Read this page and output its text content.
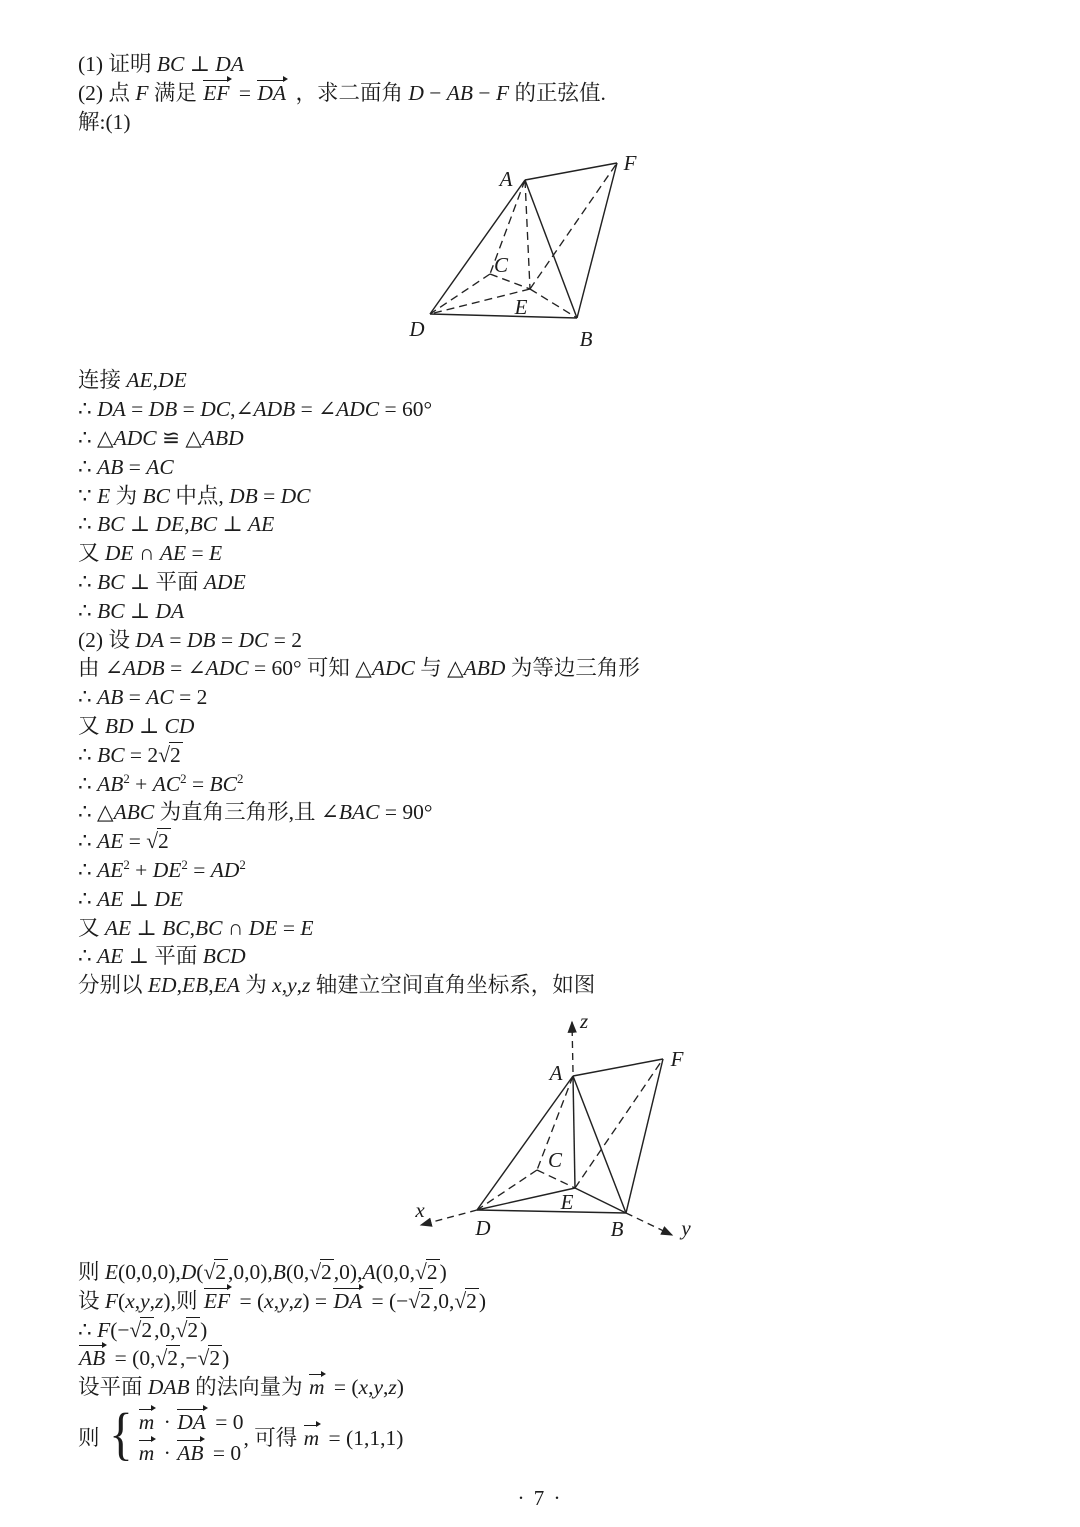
(1) 证明 BC ⊥ DA
(2) 点 F 满足 EF = DA ，求二面角 D − AB − F 的正弦值.
解:(1)
A
F
C
E
D	B
连接 AE,DE
∴ DA = DB = DC,∠ADB = ∠ADC = 60°
∴ △ADC ≌ △ABD
∴ AB = AC
∵ E 为 BC 中点, DB = DC
∴ BC ⊥ DE,BC ⊥ AE
又 DE ∩ AE = E
∴ BC ⊥ 平面 ADE
∴ BC ⊥ DA
(2) 设 DA = DB = DC = 2
由 ∠ADB = ∠ADC = 60° 可知 △ADC 与 △ABD 为等边三角形
∴ AB = AC = 2
又 BD ⊥ CD
∴ BC = 2√2
∴ $AB^2 + AC^2 = BC^2$
∴ △ABC 为直角三角形,且 ∠BAC = 90°
∴ AE = √2
∴ $AE^2 + DE^2 = AD^2$
∴ AE ⊥ DE
又 AE ⊥ BC,BC ∩ DE = E
∴ AE ⊥ 平面 BCD
分别以 ED,EB,EA 为 x,y,z 轴建立空间直角坐标系，如图
z
A
F
C
E
D	B
x
y
则 E(0,0,0),D(√2,0,0),B(0,√2,0),A(0,0,√2)
设 F(x,y,z),则 EF = (x,y,z) = DA = (−√2,0,√2)
∴ F(−√2,0,√2)
AB = (0,√2,−√2)
设平面 DAB 的法向量为 m = (x,y,z)
则 { m · DA = 0
m · AB = 0
, 可得 m = (1,1,1)
· 7 ·
